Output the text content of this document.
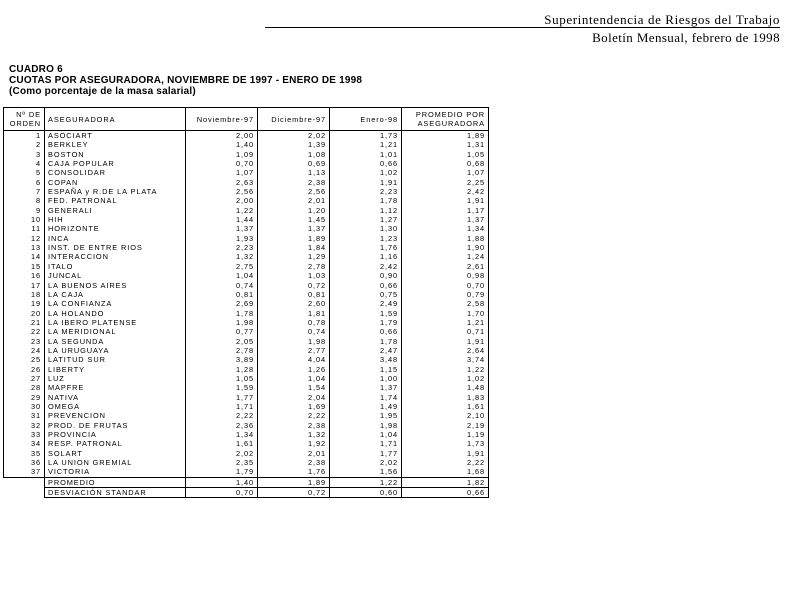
Superintendencia de Riesgos del Trabajo
Boletín Mensual, febrero de 1998
CUADRO 6
CUOTAS POR ASEGURADORA, NOVIEMBRE DE 1997 - ENERO DE 1998
(Como porcentaje de la masa salarial)
Nº DE
ORDEN	ASEGURADORA	Noviembre-97	Diciembre-97	Enero-98	PROMEDIO POR
ASEGURADORA
1	ASOCIART	2,00	2,02	1,73	1,89
2	BERKLEY	1,40	1,39	1,21	1,31
3	BOSTON	1,09	1,08	1,01	1,05
4	CAJA POPULAR	0,70	0,69	0,66	0,68
5	CONSOLIDAR	1,07	1,13	1,02	1,07
6	COPAN	2,63	2,38	1,91	2,25
7	ESPAÑA y R.DE LA PLATA	2,56	2,56	2,23	2,42
8	FED. PATRONAL	2,00	2,01	1,78	1,91
9	GENERALI	1,22	1,20	1,12	1,17
10	HIH	1,44	1,45	1,27	1,37
11	HORIZONTE	1,37	1,37	1,30	1,34
12	INCA	1,93	1,89	1,23	1,88
13	INST. DE ENTRE RIOS	2,23	1,84	1,76	1,90
14	INTERACCION	1,32	1,29	1,16	1,24
15	ITALO	2,75	2,78	2,42	2,61
16	JUNCAL	1,04	1,03	0,90	0,98
17	LA BUENOS AIRES	0,74	0,72	0,66	0,70
18	LA CAJA	0,81	0,81	0,75	0,79
19	LA CONFIANZA	2,69	2,60	2,49	2,58
20	LA HOLANDO	1,78	1,81	1,59	1,70
21	LA IBERO PLATENSE	1,98	0,78	1,79	1,21
22	LA MERIDIONAL	0,77	0,74	0,66	0,71
23	LA SEGUNDA	2,05	1,98	1,78	1,91
24	LA URUGUAYA	2,78	2,77	2,47	2,64
25	LATITUD SUR	3,89	4,04	3,48	3,74
26	LIBERTY	1,28	1,26	1,15	1,22
27	LUZ	1,05	1,04	1,00	1,02
28	MAPFRE	1,59	1,54	1,37	1,48
29	NATIVA	1,77	2,04	1,74	1,83
30	OMEGA	1,71	1,69	1,49	1,61
31	PREVENCION	2,22	2,22	1,95	2,10
32	PROD. DE FRUTAS	2,36	2,38	1,98	2,19
33	PROVINCIA	1,34	1,32	1,04	1,19
34	RESP. PATRONAL	1,61	1,92	1,71	1,73
35	SOLART	2,02	2,01	1,77	1,91
36	LA UNION GREMIAL	2,35	2,38	2,02	2,22
37	VICTORIA	1,79	1,76	1,56	1,68
	PROMEDIO	1,40	1,89	1,22	1,82
	DESVIACIÓN STANDAR	0,70	0,72	0,60	0,66
